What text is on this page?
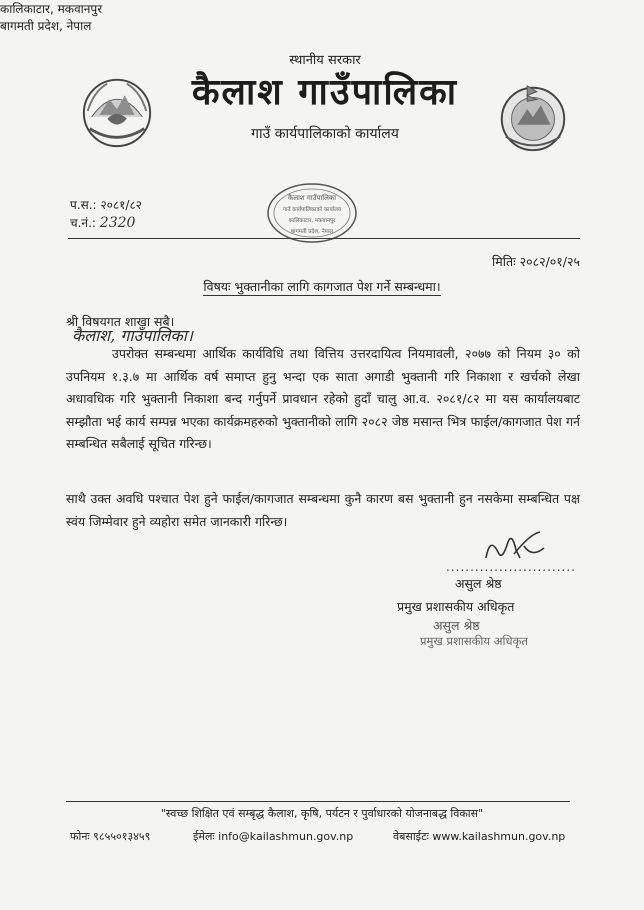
स्थानीय सरकार
कैलाश गाउँपालिका
गाउँ कार्यपालिकाको कार्यालय
कालिकाटार, मकवानपुर
बागमती प्रदेश, नेपाल
प.स.: २०८१/८२
च.नं.: 2320
कैलाश गाउँपालिका
गाउँ कार्यपालिकाको कार्यालय
कालिकाटार, मकवानपुर
बागमती प्रदेश, नेपाल
मितिः २०८२/०१/२५
विषयः भुक्तानीका लागि कागजात पेश गर्ने सम्बन्धमा।
श्री विषयगत शाखा सबै।
कैलाश, गाउँपालिका।
उपरोक्त सम्बन्धमा आर्थिक कार्यविधि तथा वित्तिय उत्तरदायित्व नियमावली, २०७७ को नियम ३० को उपनियम १.३.७ मा आर्थिक वर्ष समाप्त हुनु भन्दा एक साता अगाडी भुक्तानी गरि निकाशा र खर्चको लेखा अधावधिक गरि भुक्तानी निकाशा बन्द गर्नुपर्ने प्रावधान रहेको हुदाँ चालु आ.व. २०८१/८२ मा यस कार्यालयबाट सम्झौता भई कार्य सम्पन्न भएका कार्यक्रमहरुको भुक्तानीको लागि २०८२ जेष्ठ मसान्त भित्र फाईल/कागजात पेश गर्न सम्बन्धित सबैलाई सूचित गरिन्छ।
साथै उक्त अवधि पश्चात पेश हुने फाईल/कागजात सम्बन्धमा कुनै कारण बस भुक्तानी हुन नसकेमा सम्बन्धित पक्ष स्वंय जिम्मेवार हुने व्यहोरा समेत जानकारी गरिन्छ।
...........................
असुल श्रेष्ठ
प्रमुख प्रशासकीय अधिकृत
असुल श्रेष्ठ
प्रमुख प्रशासकीय अधिकृत
"स्वच्छ शिक्षित एवं सम्बृद्ध कैलाश, कृषि, पर्यटन र पुर्वाधारको योजनाबद्ध विकास"
फोनः ९८५५०१३४५९	ईमेलः info@kailashmun.gov.np	वेबसाईटः www.kailashmun.gov.np
